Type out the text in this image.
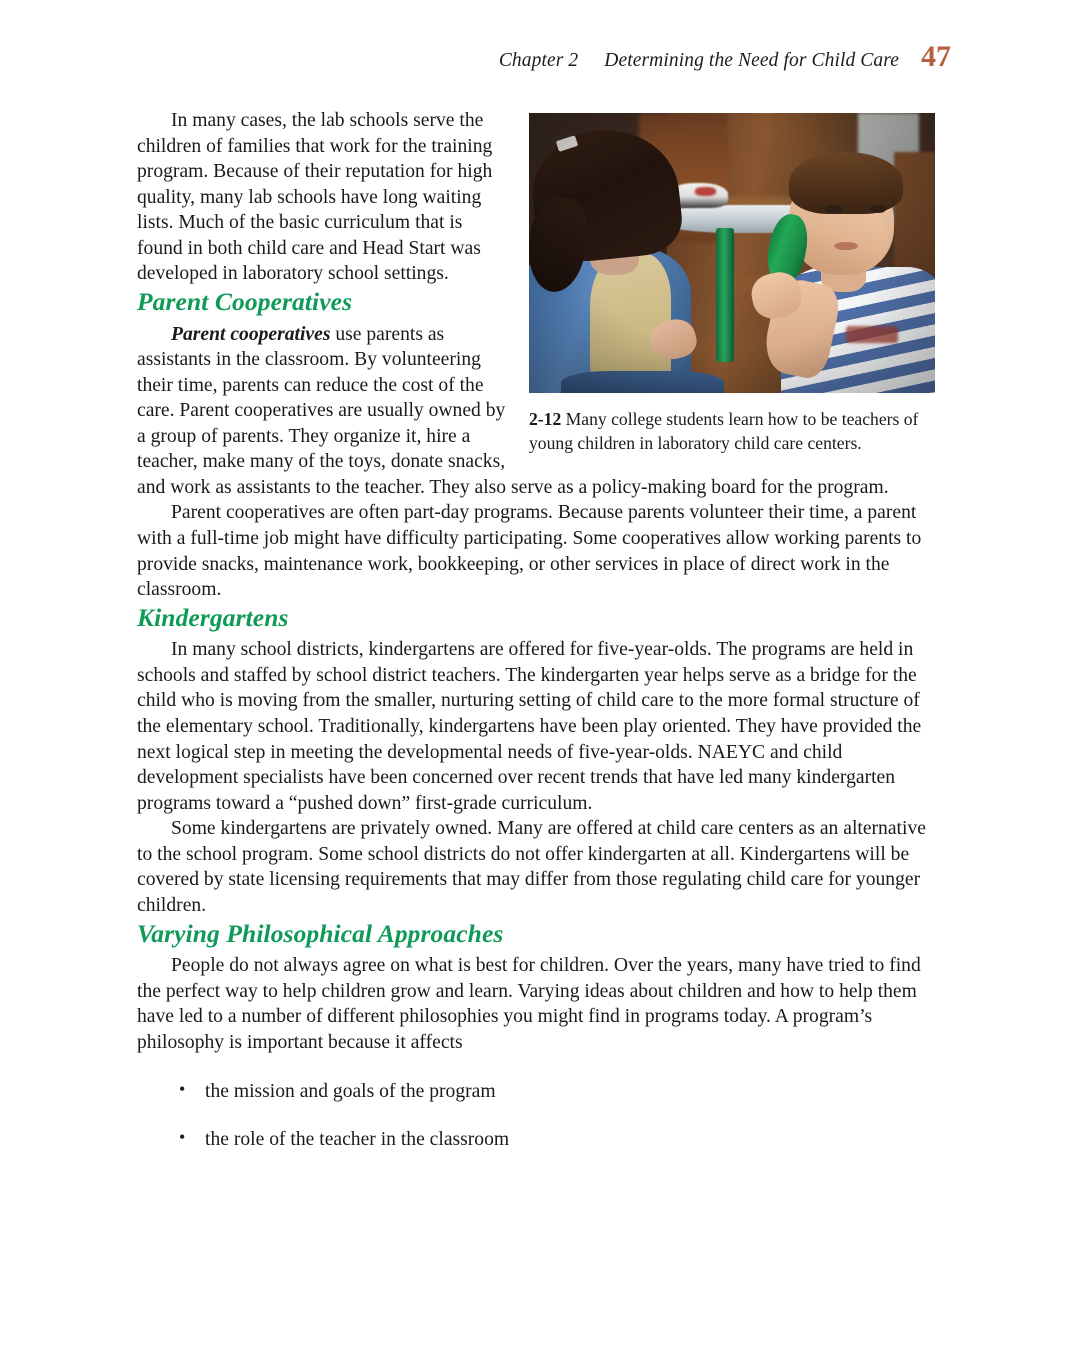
Chapter 2 Determining the Need for Child Care 47
2-12 Many college students learn how to be teachers of young children in laboratory child care centers.

In many cases, the lab schools serve the children of families that work for the training program. Because of their reputation for high quality, many lab schools have long waiting lists. Much of the basic curriculum that is found in both child care and Head Start was developed in laboratory school settings.

Parent Cooperatives

Parent cooperatives use parents as assistants in the classroom. By volunteering their time, parents can reduce the cost of the care. Parent cooperatives are usually owned by a group of parents. They organize it, hire a teacher, make many of the toys, donate snacks, and work as assistants to the teacher. They also serve as a policy-making board for the program.

Parent cooperatives are often part-day programs. Because parents volunteer their time, a parent with a full-time job might have difficulty participating. Some cooperatives allow working parents to provide snacks, maintenance work, bookkeeping, or other services in place of direct work in the classroom.

Kindergartens

In many school districts, kindergartens are offered for five-year-olds. The programs are held in schools and staffed by school district teachers. The kindergarten year helps serve as a bridge for the child who is moving from the smaller, nurturing setting of child care to the more formal structure of the elementary school. Traditionally, kindergartens have been play oriented. They have provided the next logical step in meeting the developmental needs of five-year-olds. NAEYC and child development specialists have been concerned over recent trends that have led many kindergarten programs toward a “pushed down” first-grade curriculum.

Some kindergartens are privately owned. Many are offered at child care centers as an alternative to the school program. Some school districts do not offer kindergarten at all. Kindergartens will be covered by state licensing requirements that may differ from those regulating child care for younger children.

Varying Philosophical Approaches

People do not always agree on what is best for children. Over the years, many have tried to find the perfect way to help children grow and learn. Varying ideas about children and how to help them have led to a number of different philosophies you might find in programs today. A program’s philosophy is important because it affects

• the mission and goals of the program
• the role of the teacher in the classroom
